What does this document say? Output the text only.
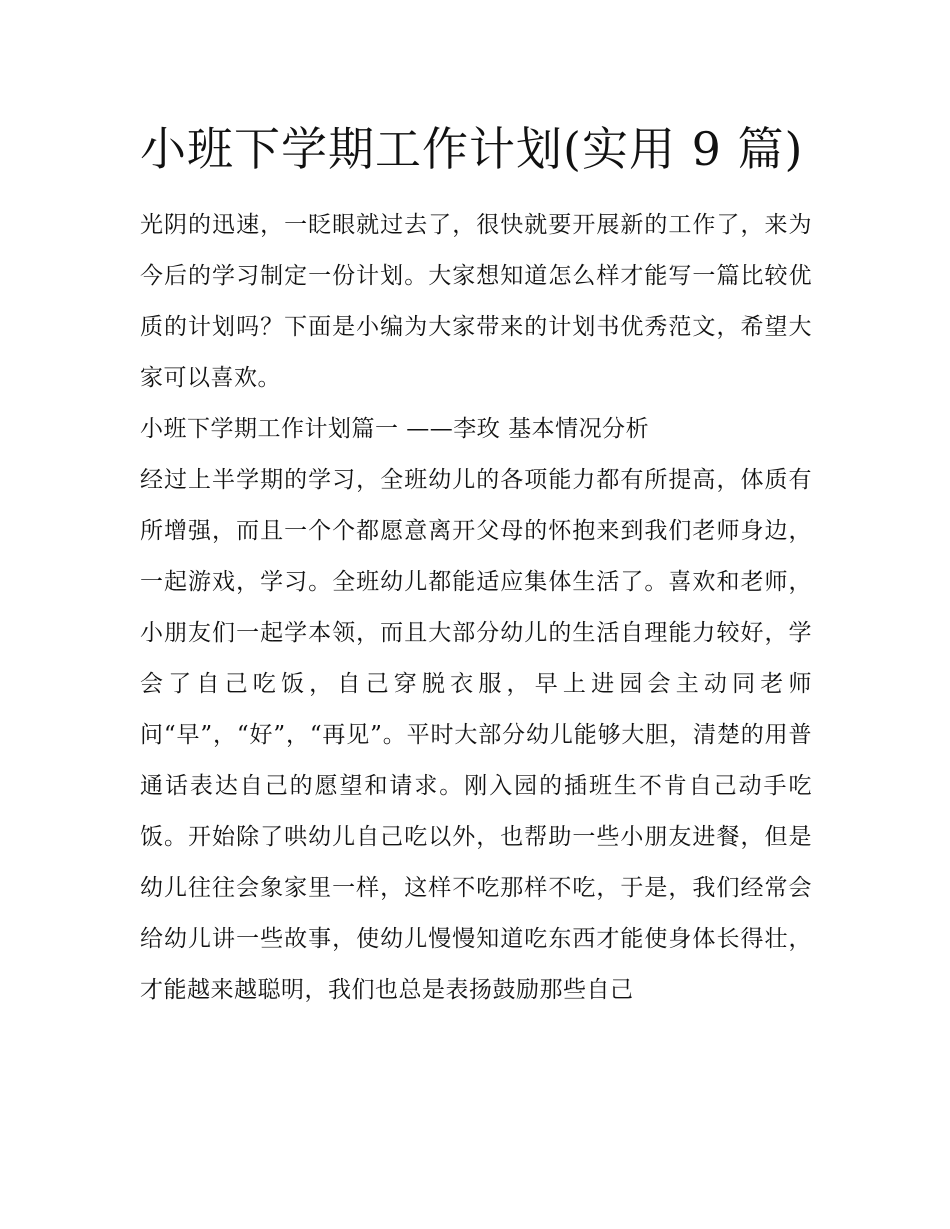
小班下学期工作计划(实用 9 篇)

光阴的迅速，一眨眼就过去了，很快就要开展新的工作了，来为今后的学习制定一份计划。大家想知道怎么样才能写一篇比较优质的计划吗？下面是小编为大家带来的计划书优秀范文，希望大家可以喜欢。

小班下学期工作计划篇一 ——李玫 基本情况分析

经过上半学期的学习，全班幼儿的各项能力都有所提高，体质有所增强，而且一个个都愿意离开父母的怀抱来到我们老师身边，一起游戏，学习。全班幼儿都能适应集体生活了。喜欢和老师，小朋友们一起学本领，而且大部分幼儿的生活自理能力较好，学会了自己吃饭，自己穿脱衣服，早上进园会主动同老师问“早”，“好”，“再见”。平时大部分幼儿能够大胆，清楚的用普通话表达自己的愿望和请求。刚入园的插班生不肯自己动手吃饭。开始除了哄幼儿自己吃以外，也帮助一些小朋友进餐，但是幼儿往往会象家里一样，这样不吃那样不吃，于是，我们经常会给幼儿讲一些故事，使幼儿慢慢知道吃东西才能使身体长得壮，才能越来越聪明，我们也总是表扬鼓励那些自己
